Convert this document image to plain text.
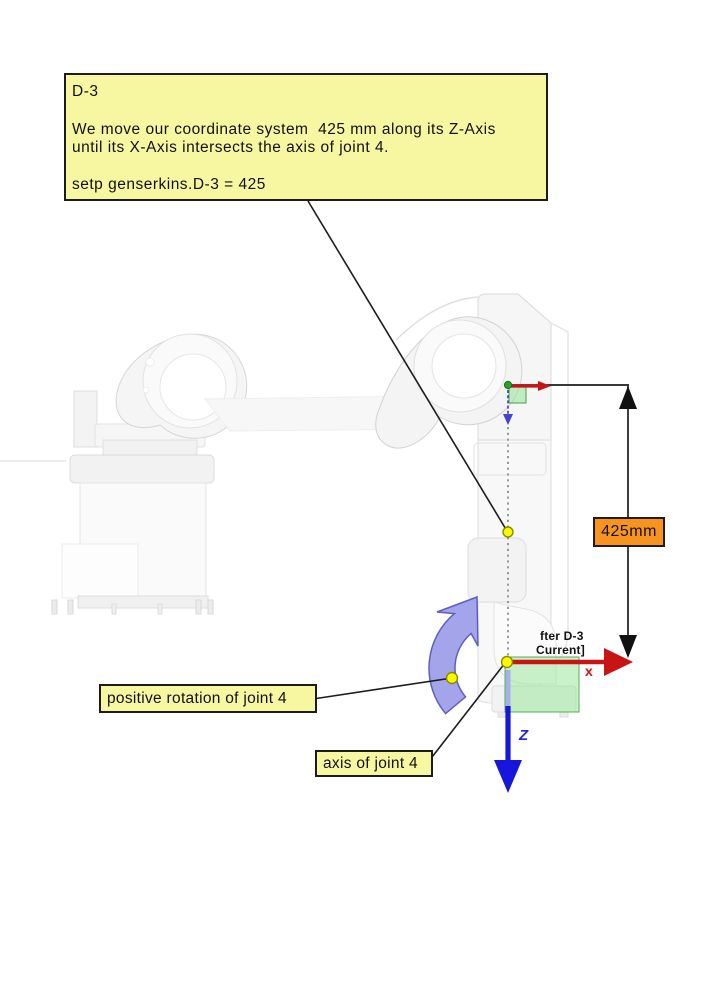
D-3
We move our coordinate system  425 mm along its Z-Axis
until its X-Axis intersects the axis of joint 4.
setp genserkins.D-3 = 425
425mm
fter D-3
Current]
x
Z
positive rotation of joint 4
axis of joint 4
